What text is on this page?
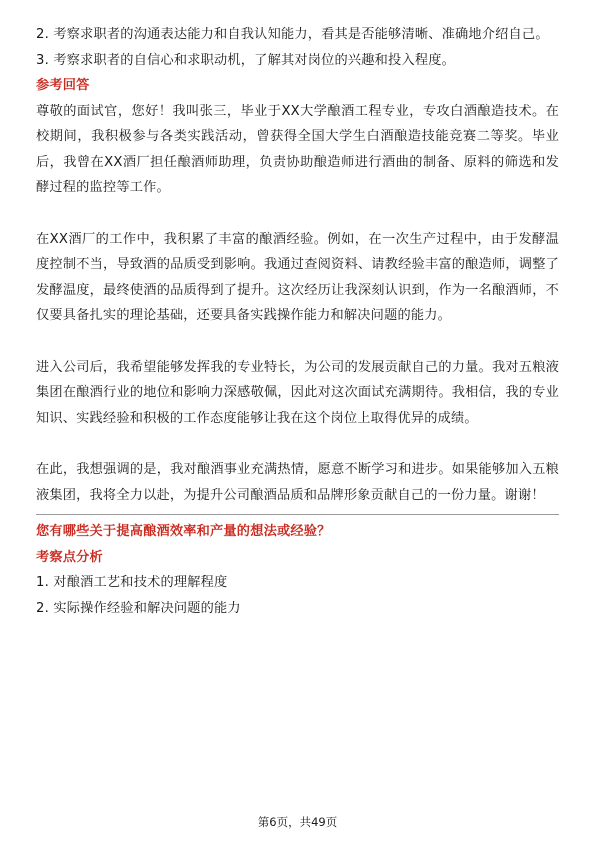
2. 考察求职者的沟通表达能力和自我认知能力，看其是否能够清晰、准确地介绍自己。

3. 考察求职者的自信心和求职动机，了解其对岗位的兴趣和投入程度。

参考回答

尊敬的面试官，您好！我叫张三，毕业于XX大学酿酒工程专业，专攻白酒酿造技术。在校期间，我积极参与各类实践活动，曾获得全国大学生白酒酿造技能竞赛二等奖。毕业后，我曾在XX酒厂担任酿酒师助理，负责协助酿造师进行酒曲的制备、原料的筛选和发酵过程的监控等工作。

在XX酒厂的工作中，我积累了丰富的酿酒经验。例如，在一次生产过程中，由于发酵温度控制不当，导致酒的品质受到影响。我通过查阅资料、请教经验丰富的酿造师，调整了发酵温度，最终使酒的品质得到了提升。这次经历让我深刻认识到，作为一名酿酒师，不仅要具备扎实的理论基础，还要具备实践操作能力和解决问题的能力。

进入公司后，我希望能够发挥我的专业特长，为公司的发展贡献自己的力量。我对五粮液集团在酿酒行业的地位和影响力深感敬佩，因此对这次面试充满期待。我相信，我的专业知识、实践经验和积极的工作态度能够让我在这个岗位上取得优异的成绩。

在此，我想强调的是，我对酿酒事业充满热情，愿意不断学习和进步。如果能够加入五粮液集团，我将全力以赴，为提升公司酿酒品质和品牌形象贡献自己的一份力量。谢谢！

您有哪些关于提高酿酒效率和产量的想法或经验？

考察点分析

1. 对酿酒工艺和技术的理解程度

2. 实际操作经验和解决问题的能力

第6页，共49页
